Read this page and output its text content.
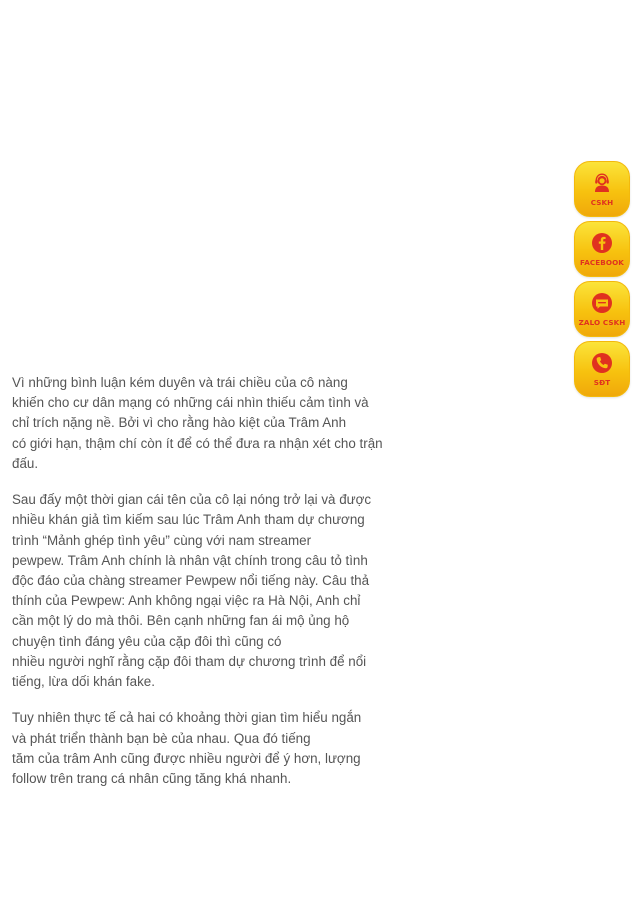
Vì những bình luận kém duyên và trái chiều của cô nàng
khiến cho cư dân mạng có những cái nhìn thiếu cảm tình và
chỉ trích nặng nề. Bởi vì cho rằng hào kiệt của Trâm Anh
có giới hạn, thậm chí còn ít để có thể đưa ra nhận xét cho trận
đấu.

Sau đấy một thời gian cái tên của cô lại nóng trở lại và được
nhiều khán giả tìm kiếm sau lúc Trâm Anh tham dự chương
trình “Mảnh ghép tình yêu” cùng với nam streamer
pewpew. Trâm Anh chính là nhân vật chính trong câu tỏ tình
độc đáo của chàng streamer Pewpew nổi tiếng này. Câu thả
thính của Pewpew: Anh không ngại việc ra Hà Nội, Anh chỉ
cần một lý do mà thôi. Bên cạnh những fan ái mộ ủng hộ
chuyện tình đáng yêu của cặp đôi thì cũng có
nhiều người nghĩ rằng cặp đôi tham dự chương trình để nổi
tiếng, lừa dối khán fake.

Tuy nhiên thực tế cả hai có khoảng thời gian tìm hiểu ngắn
và phát triển thành bạn bè của nhau. Qua đó tiếng
tăm của trâm Anh cũng được nhiều người để ý hơn, lượng
follow trên trang cá nhân cũng tăng khá nhanh.

CSKH
FACEBOOK
ZALO CSKH
SĐT
